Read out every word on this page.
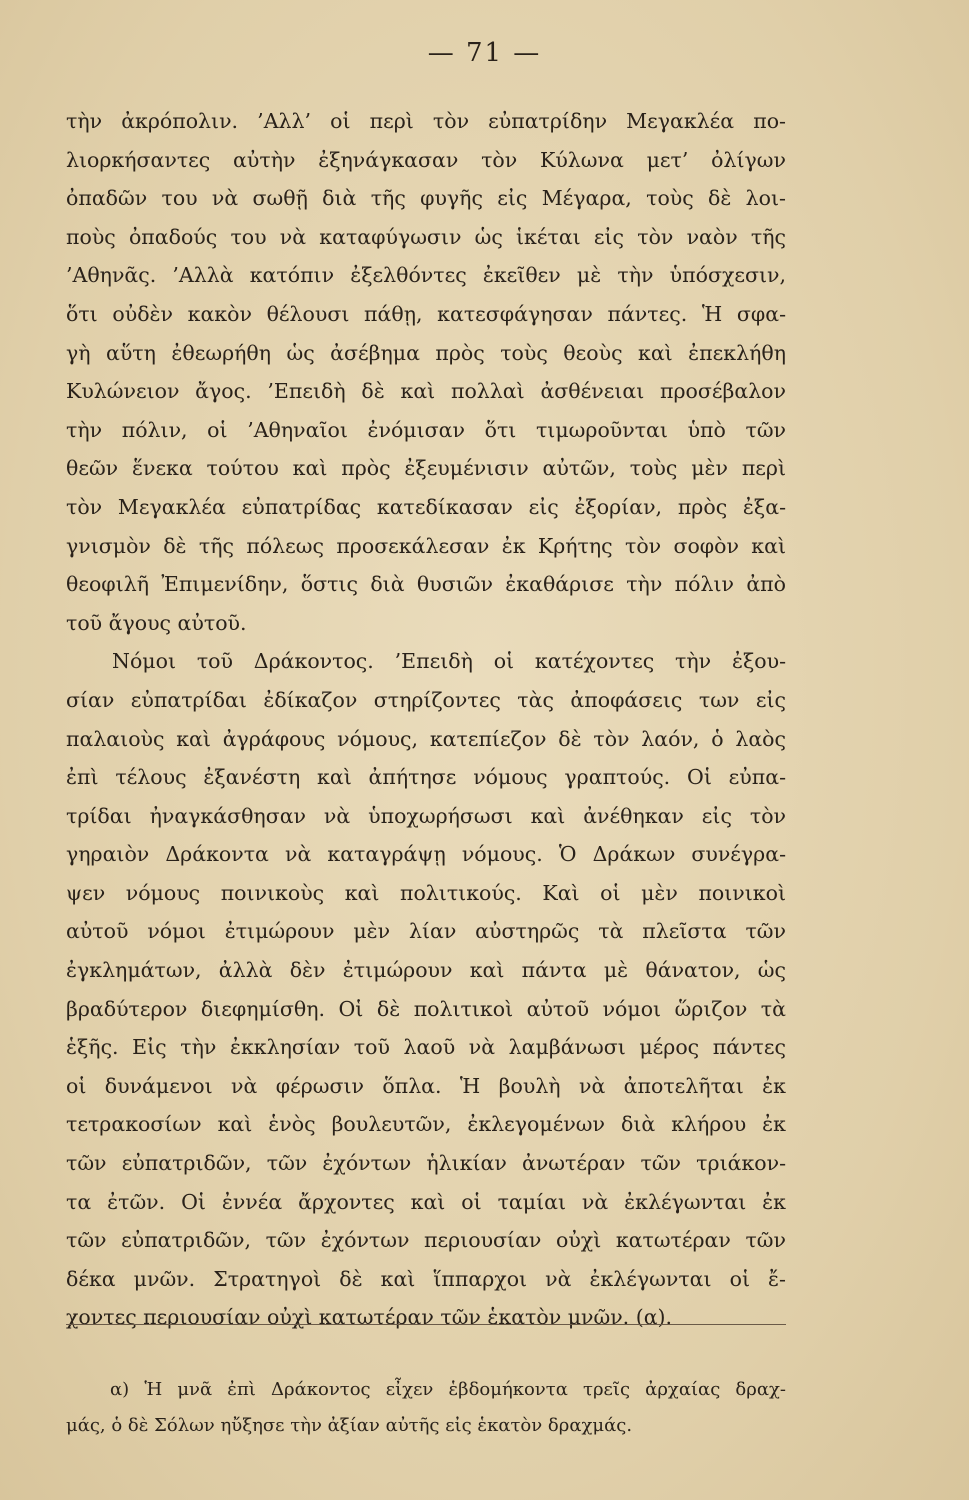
— 71 —
τὴν ἀκρόπολιν. ’Αλλ’ οἱ περὶ τὸν εὐπατρίδην Μεγακλέα πο-
λιορκήσαντες αὐτὴν ἐξηνάγκασαν τὸν Κύλωνα μετ’ ὀλίγων
ὀπαδῶν του νὰ σωθῇ διὰ τῆς φυγῆς εἰς Μέγαρα, τοὺς δὲ λοι-
ποὺς ὀπαδούς του νὰ καταφύγωσιν ὡς ἱκέται εἰς τὸν ναὸν τῆς
’Αθηνᾶς. ’Αλλὰ κατόπιν ἐξελθόντες ἐκεῖθεν μὲ τὴν ὑπόσχεσιν,
ὅτι οὐδὲν κακὸν θέλουσι πάθῃ, κατεσφάγησαν πάντες. Ἡ σφα-
γὴ αὕτη ἐθεωρήθη ὡς ἀσέβημα πρὸς τοὺς θεοὺς καὶ ἐπεκλήθη
Κυλώνειον ἄγος. ’Επειδὴ δὲ καὶ πολλαὶ ἀσθένειαι προσέβαλον
τὴν πόλιν, οἱ ’Αθηναῖοι ἐνόμισαν ὅτι τιμωροῦνται ὑπὸ τῶν
θεῶν ἕνεκα τούτου καὶ πρὸς ἐξευμένισιν αὐτῶν, τοὺς μὲν περὶ
τὸν Μεγακλέα εὐπατρίδας κατεδίκασαν εἰς ἐξορίαν, πρὸς ἐξα-
γνισμὸν δὲ τῆς πόλεως προσεκάλεσαν ἐκ Κρήτης τὸν σοφὸν καὶ
θεοφιλῆ Ἐπιμενίδην, ὅστις διὰ θυσιῶν ἐκαθάρισε τὴν πόλιν ἀπὸ
τοῦ ἄγους αὐτοῦ.
Νόμοι τοῦ Δράκοντος. ’Επειδὴ οἱ κατέχοντες τὴν ἐξου-
σίαν εὐπατρίδαι ἐδίκαζον στηρίζοντες τὰς ἀποφάσεις των εἰς
παλαιοὺς καὶ ἀγράφους νόμους, κατεπίεζον δὲ τὸν λαόν, ὁ λαὸς
ἐπὶ τέλους ἐξανέστη καὶ ἀπήτησε νόμους γραπτούς. Οἱ εὐπα-
τρίδαι ἠναγκάσθησαν νὰ ὑποχωρήσωσι καὶ ἀνέθηκαν εἰς τὸν
γηραιὸν Δράκοντα νὰ καταγράψῃ νόμους. Ὁ Δράκων συνέγρα-
ψεν νόμους ποινικοὺς καὶ πολιτικούς. Καὶ οἱ μὲν ποινικοὶ
αὐτοῦ νόμοι ἐτιμώρουν μὲν λίαν αὐστηρῶς τὰ πλεῖστα τῶν
ἐγκλημάτων, ἀλλὰ δὲν ἐτιμώρουν καὶ πάντα μὲ θάνατον, ὡς
βραδύτερον διεφημίσθη. Οἱ δὲ πολιτικοὶ αὐτοῦ νόμοι ὥριζον τὰ
ἑξῆς. Εἰς τὴν ἐκκλησίαν τοῦ λαοῦ νὰ λαμβάνωσι μέρος πάντες
οἱ δυνάμενοι νὰ φέρωσιν ὅπλα. Ἡ βουλὴ νὰ ἀποτελῆται ἐκ
τετρακοσίων καὶ ἑνὸς βουλευτῶν, ἐκλεγομένων διὰ κλήρου ἐκ
τῶν εὐπατριδῶν, τῶν ἐχόντων ἡλικίαν ἀνωτέραν τῶν τριάκον-
τα ἐτῶν. Οἱ ἐννέα ἄρχοντες καὶ οἱ ταμίαι νὰ ἐκλέγωνται ἐκ
τῶν εὐπατριδῶν, τῶν ἐχόντων περιουσίαν οὐχὶ κατωτέραν τῶν
δέκα μνῶν. Στρατηγοὶ δὲ καὶ ἵππαρχοι νὰ ἐκλέγωνται οἱ ἔ-
χοντες περιουσίαν οὐχὶ κατωτέραν τῶν ἑκατὸν μνῶν. (α).
α) Ἡ μνᾶ ἐπὶ Δράκοντος εἶχεν ἑβδομήκοντα τρεῖς ἀρχαίας δραχ-
μάς, ὁ δὲ Σόλων ηὔξησε τὴν ἀξίαν αὐτῆς εἰς ἑκατὸν δραχμάς.
